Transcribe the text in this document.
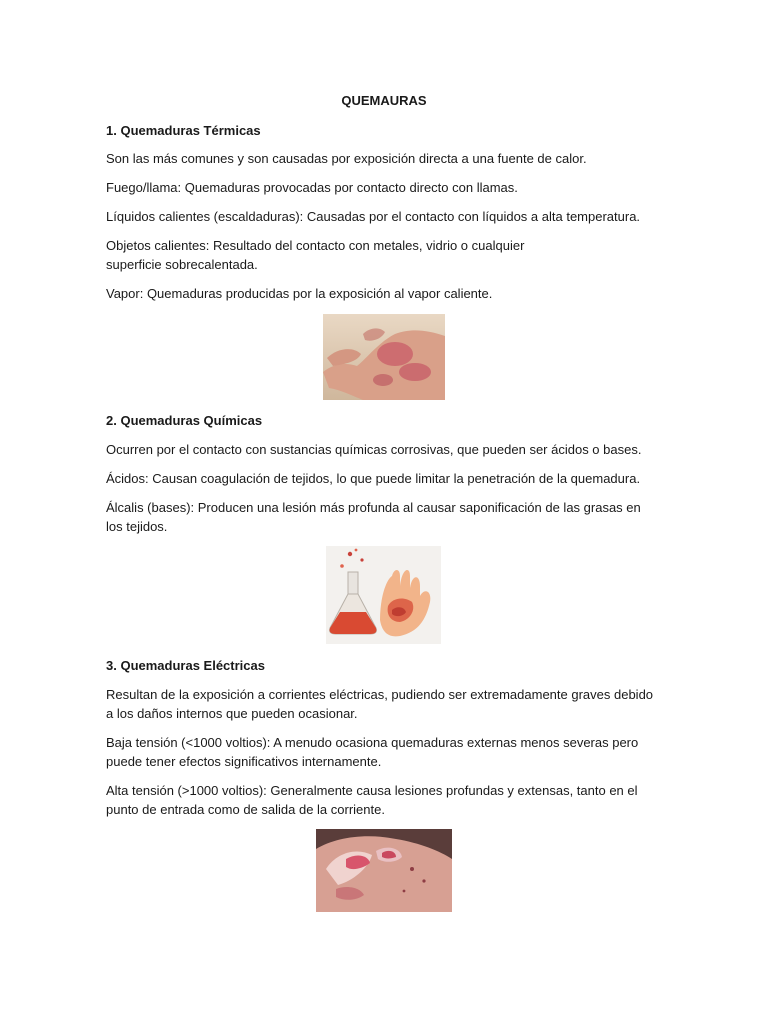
QUEMAURAS
1. Quemaduras Térmicas
Son las más comunes y son causadas por exposición directa a una fuente de calor.
Fuego/llama: Quemaduras provocadas por contacto directo con llamas.
Líquidos calientes (escaldaduras): Causadas por el contacto con líquidos a alta temperatura.
Objetos calientes: Resultado del contacto con metales, vidrio o cualquier superficie sobrecalentada.
Vapor: Quemaduras producidas por la exposición al vapor caliente.
2. Quemaduras Químicas
Ocurren por el contacto con sustancias químicas corrosivas, que pueden ser ácidos o bases.
Ácidos: Causan coagulación de tejidos, lo que puede limitar la penetración de la quemadura.
Álcalis (bases): Producen una lesión más profunda al causar saponificación de las grasas en los tejidos.
3. Quemaduras Eléctricas
Resultan de la exposición a corrientes eléctricas, pudiendo ser extremadamente graves debido a los daños internos que pueden ocasionar.
Baja tensión (<1000 voltios): A menudo ocasiona quemaduras externas menos severas pero puede tener efectos significativos internamente.
Alta tensión (>1000 voltios): Generalmente causa lesiones profundas y extensas, tanto en el punto de entrada como de salida de la corriente.
